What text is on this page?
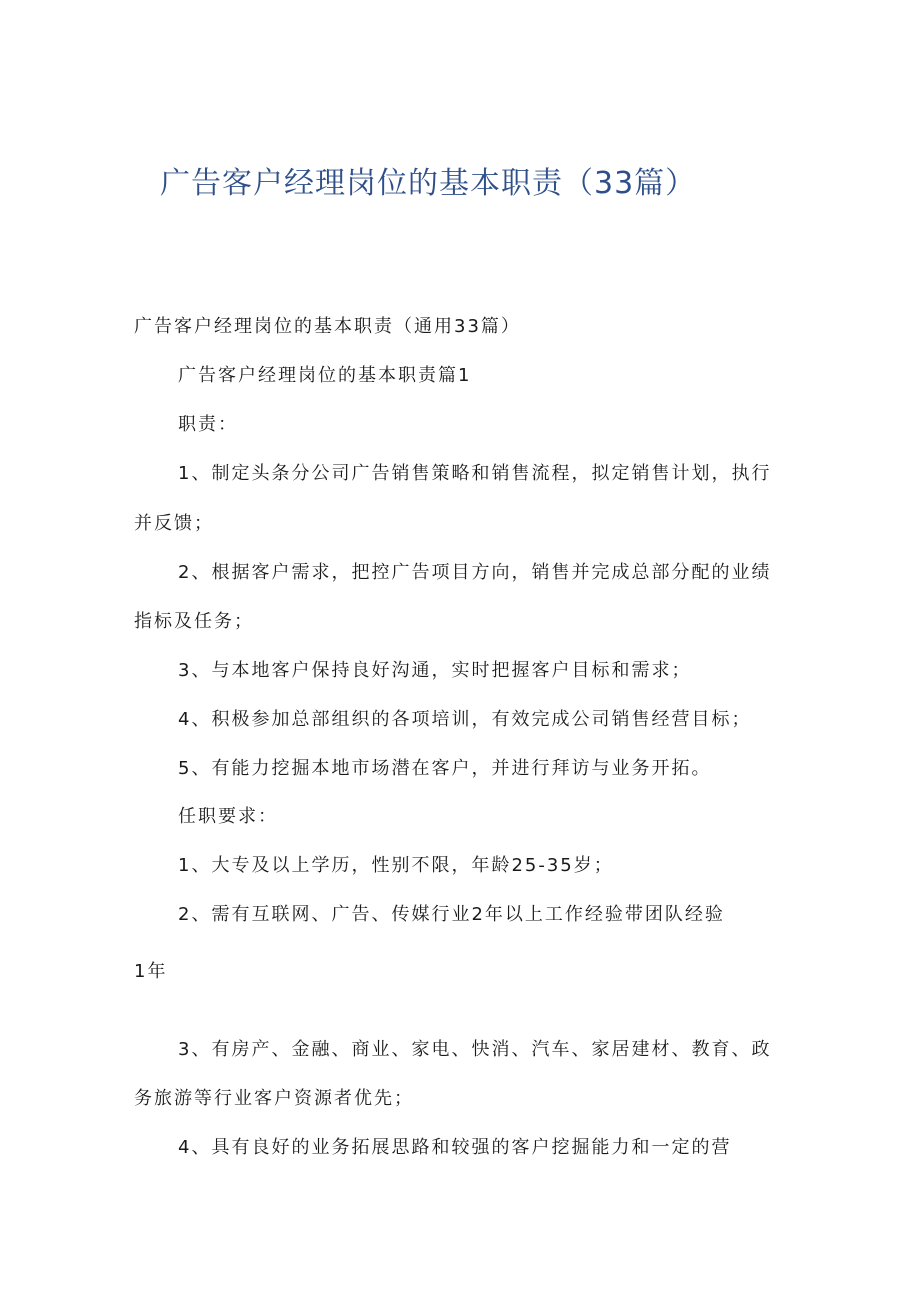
广告客户经理岗位的基本职责（33篇）
广告客户经理岗位的基本职责（通用33篇）
广告客户经理岗位的基本职责篇1
职责：
1、制定头条分公司广告销售策略和销售流程，拟定销售计划，执行
并反馈；
2、根据客户需求，把控广告项目方向，销售并完成总部分配的业绩
指标及任务；
3、与本地客户保持良好沟通，实时把握客户目标和需求；
4、积极参加总部组织的各项培训，有效完成公司销售经营目标；
5、有能力挖掘本地市场潜在客户，并进行拜访与业务开拓。
任职要求：
1、大专及以上学历，性别不限，年龄25-35岁；
2、需有互联网、广告、传媒行业2年以上工作经验带团队经验
1年
3、有房产、金融、商业、家电、快消、汽车、家居建材、教育、政
务旅游等行业客户资源者优先；
4、具有良好的业务拓展思路和较强的客户挖掘能力和一定的营
